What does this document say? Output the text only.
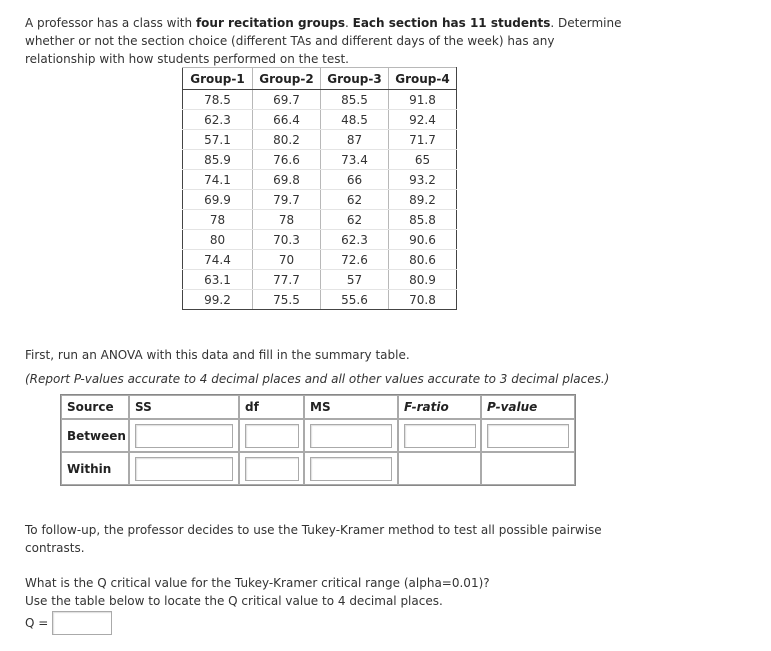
A professor has a class with four recitation groups. Each section has 11 students. Determine whether or not the section choice (different TAs and different days of the week) has any relationship with how students performed on the test.

Group-1	Group-2	Group-3	Group-4
78.5	69.7	85.5	91.8
62.3	66.4	48.5	92.4
57.1	80.2	87	71.7
85.9	76.6	73.4	65
74.1	69.8	66	93.2
69.9	79.7	62	89.2
78	78	62	85.8
80	70.3	62.3	90.6
74.4	70	72.6	80.6
63.1	77.7	57	80.9
99.2	75.5	55.6	70.8

First, run an ANOVA with this data and fill in the summary table.
(Report P-values accurate to 4 decimal places and all other values accurate to 3 decimal places.)

Source	SS	df	MS	F-ratio	P-value
Between	

Within	

To follow-up, the professor decides to use the Tukey-Kramer method to test all possible pairwise contrasts.

What is the Q critical value for the Tukey-Kramer critical range (alpha=0.01)?
Use the table below to locate the Q critical value to 4 decimal places.

Q =
